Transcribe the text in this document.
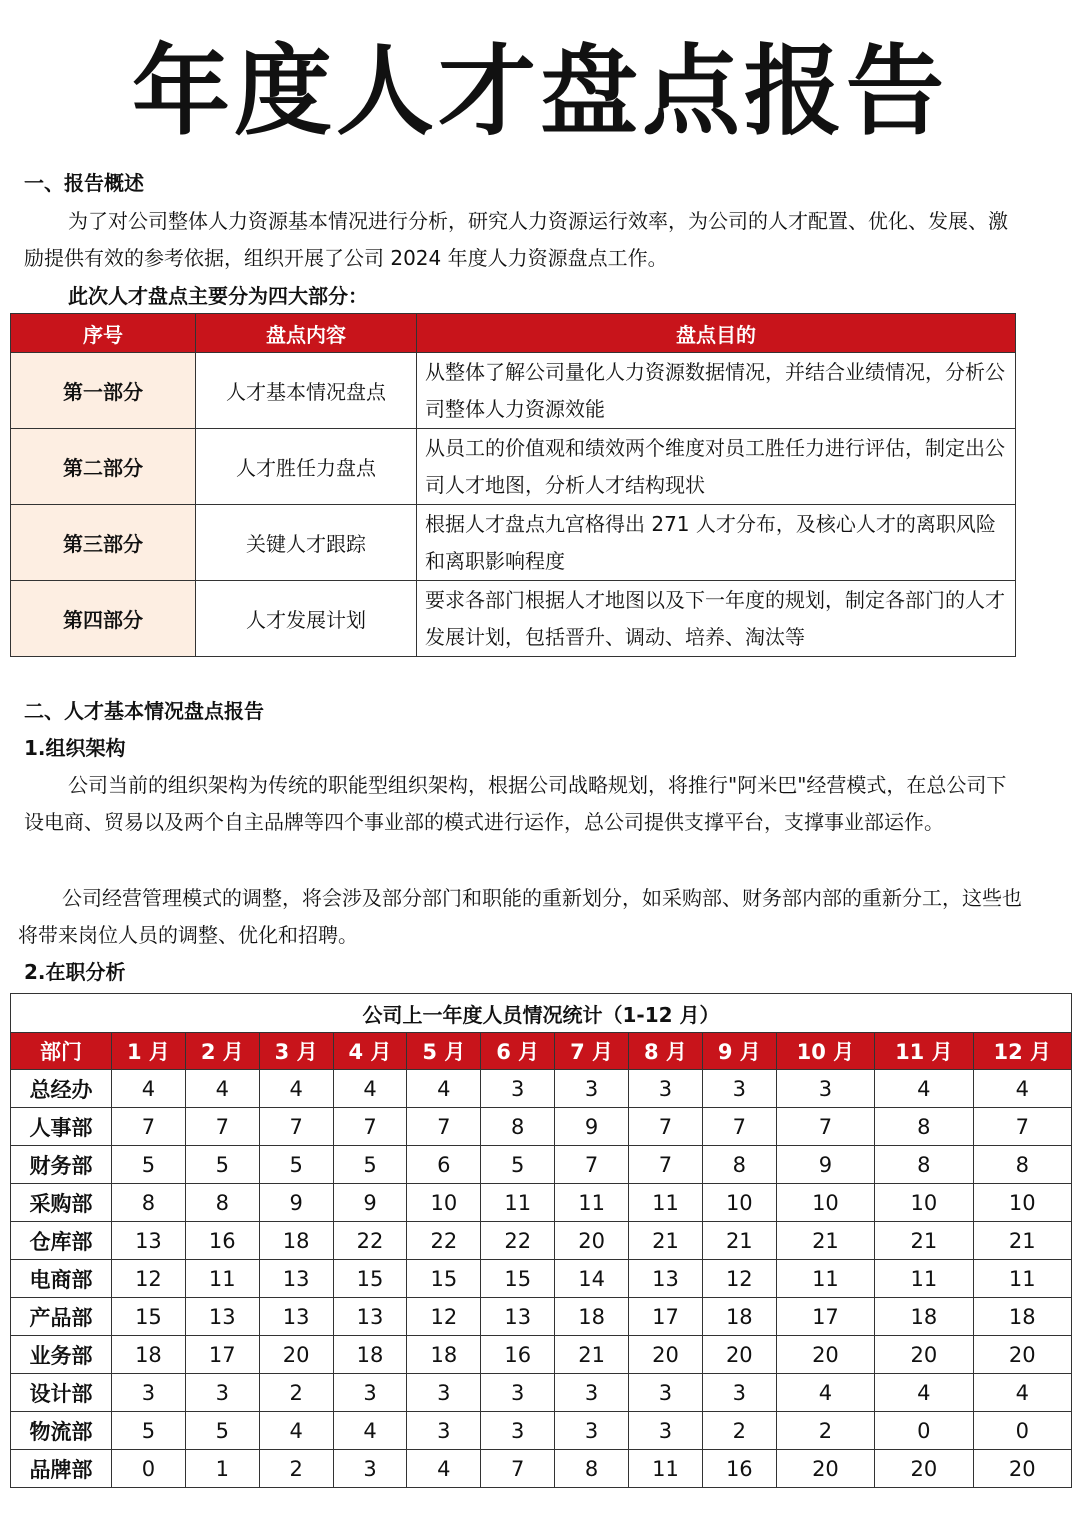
年度人才盘点报告
一、报告概述

为了对公司整体人力资源基本情况进行分析，研究人力资源运行效率，为公司的人才配置、优化、发展、激励提供有效的参考依据，组织开展了公司 2024 年度人力资源盘点工作。

此次人才盘点主要分为四大部分：
序号	盘点内容	盘点目的
第一部分	人才基本情况盘点	从整体了解公司量化人力资源数据情况，并结合业绩情况，分析公司整体人力资源效能
第二部分	人才胜任力盘点	从员工的价值观和绩效两个维度对员工胜任力进行评估，制定出公司人才地图，分析人才结构现状
第三部分	关键人才跟踪	根据人才盘点九宫格得出 271 人才分布，及核心人才的离职风险和离职影响程度
第四部分	人才发展计划	要求各部门根据人才地图以及下一年度的规划，制定各部门的人才发展计划，包括晋升、调动、培养、淘汰等
二、人才基本情况盘点报告
1.组织架构

公司当前的组织架构为传统的职能型组织架构，根据公司战略规划，将推行"阿米巴"经营模式，在总公司下设电商、贸易以及两个自主品牌等四个事业部的模式进行运作，总公司提供支撑平台，支撑事业部运作。

公司经营管理模式的调整，将会涉及部分部门和职能的重新划分，如采购部、财务部内部的重新分工，这些也将带来岗位人员的调整、优化和招聘。

2.在职分析
公司上一年度人员情况统计（1-12 月）												
部门	1 月	2 月	3 月	4 月	5 月	6 月	7 月	8 月	9 月	10 月	11 月	12 月
总经办	4	4	4	4	4	3	3	3	3	3	4	4
人事部	7	7	7	7	7	8	9	7	7	7	8	7
财务部	5	5	5	5	6	5	7	7	8	9	8	8
采购部	8	8	9	9	10	11	11	11	10	10	10	10
仓库部	13	16	18	22	22	22	20	21	21	21	21	21
电商部	12	11	13	15	15	15	14	13	12	11	11	11
产品部	15	13	13	13	12	13	18	17	18	17	18	18
业务部	18	17	20	18	18	16	21	20	20	20	20	20
设计部	3	3	2	3	3	3	3	3	3	4	4	4
物流部	5	5	4	4	3	3	3	3	2	2	0	0
品牌部	0	1	2	3	4	7	8	11	16	20	20	20
